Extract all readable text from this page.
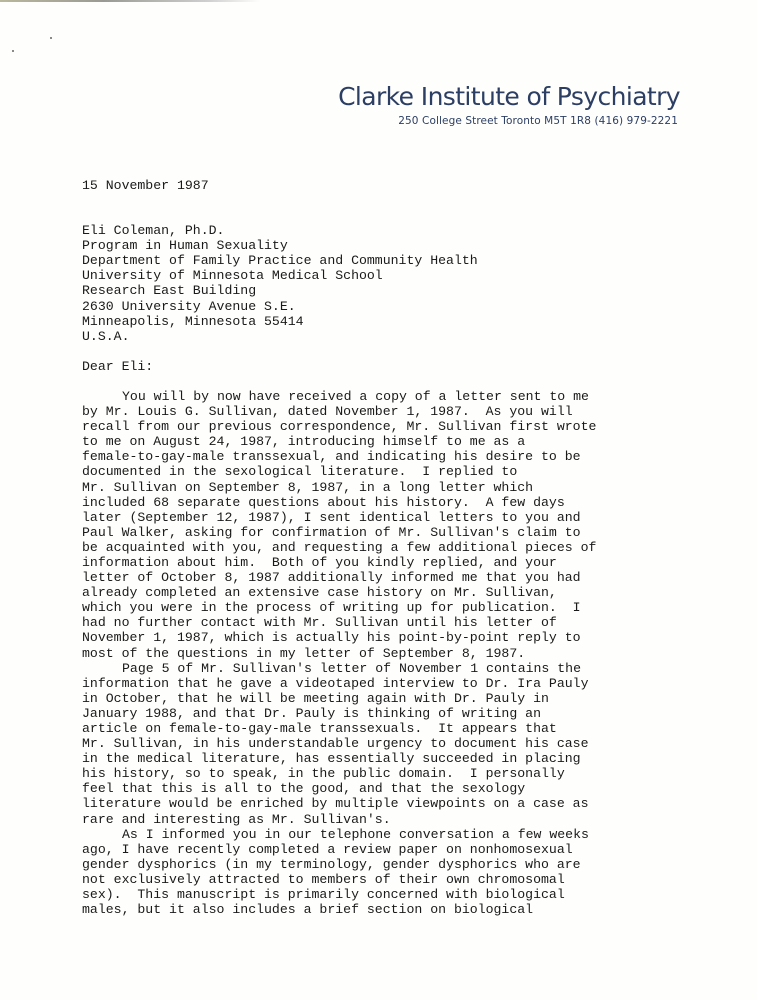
Clarke Institute of Psychiatry
250 College Street Toronto M5T 1R8 (416) 979-2221
15 November 1987
Eli Coleman, Ph.D.
Program in Human Sexuality
Department of Family Practice and Community Health
University of Minnesota Medical School
Research East Building
2630 University Avenue S.E.
Minneapolis, Minnesota 55414
U.S.A.
Dear Eli:
You will by now have received a copy of a letter sent to me
by Mr. Louis G. Sullivan, dated November 1, 1987.  As you will
recall from our previous correspondence, Mr. Sullivan first wrote
to me on August 24, 1987, introducing himself to me as a
female-to-gay-male transsexual, and indicating his desire to be
documented in the sexological literature.  I replied to
Mr. Sullivan on September 8, 1987, in a long letter which
included 68 separate questions about his history.  A few days
later (September 12, 1987), I sent identical letters to you and
Paul Walker, asking for confirmation of Mr. Sullivan's claim to
be acquainted with you, and requesting a few additional pieces of
information about him.  Both of you kindly replied, and your
letter of October 8, 1987 additionally informed me that you had
already completed an extensive case history on Mr. Sullivan,
which you were in the process of writing up for publication.  I
had no further contact with Mr. Sullivan until his letter of
November 1, 1987, which is actually his point-by-point reply to
most of the questions in my letter of September 8, 1987.
Page 5 of Mr. Sullivan's letter of November 1 contains the
information that he gave a videotaped interview to Dr. Ira Pauly
in October, that he will be meeting again with Dr. Pauly in
January 1988, and that Dr. Pauly is thinking of writing an
article on female-to-gay-male transsexuals.  It appears that
Mr. Sullivan, in his understandable urgency to document his case
in the medical literature, has essentially succeeded in placing
his history, so to speak, in the public domain.  I personally
feel that this is all to the good, and that the sexology
literature would be enriched by multiple viewpoints on a case as
rare and interesting as Mr. Sullivan's.
As I informed you in our telephone conversation a few weeks
ago, I have recently completed a review paper on nonhomosexual
gender dysphorics (in my terminology, gender dysphorics who are
not exclusively attracted to members of their own chromosomal
sex).  This manuscript is primarily concerned with biological
males, but it also includes a brief section on biological
